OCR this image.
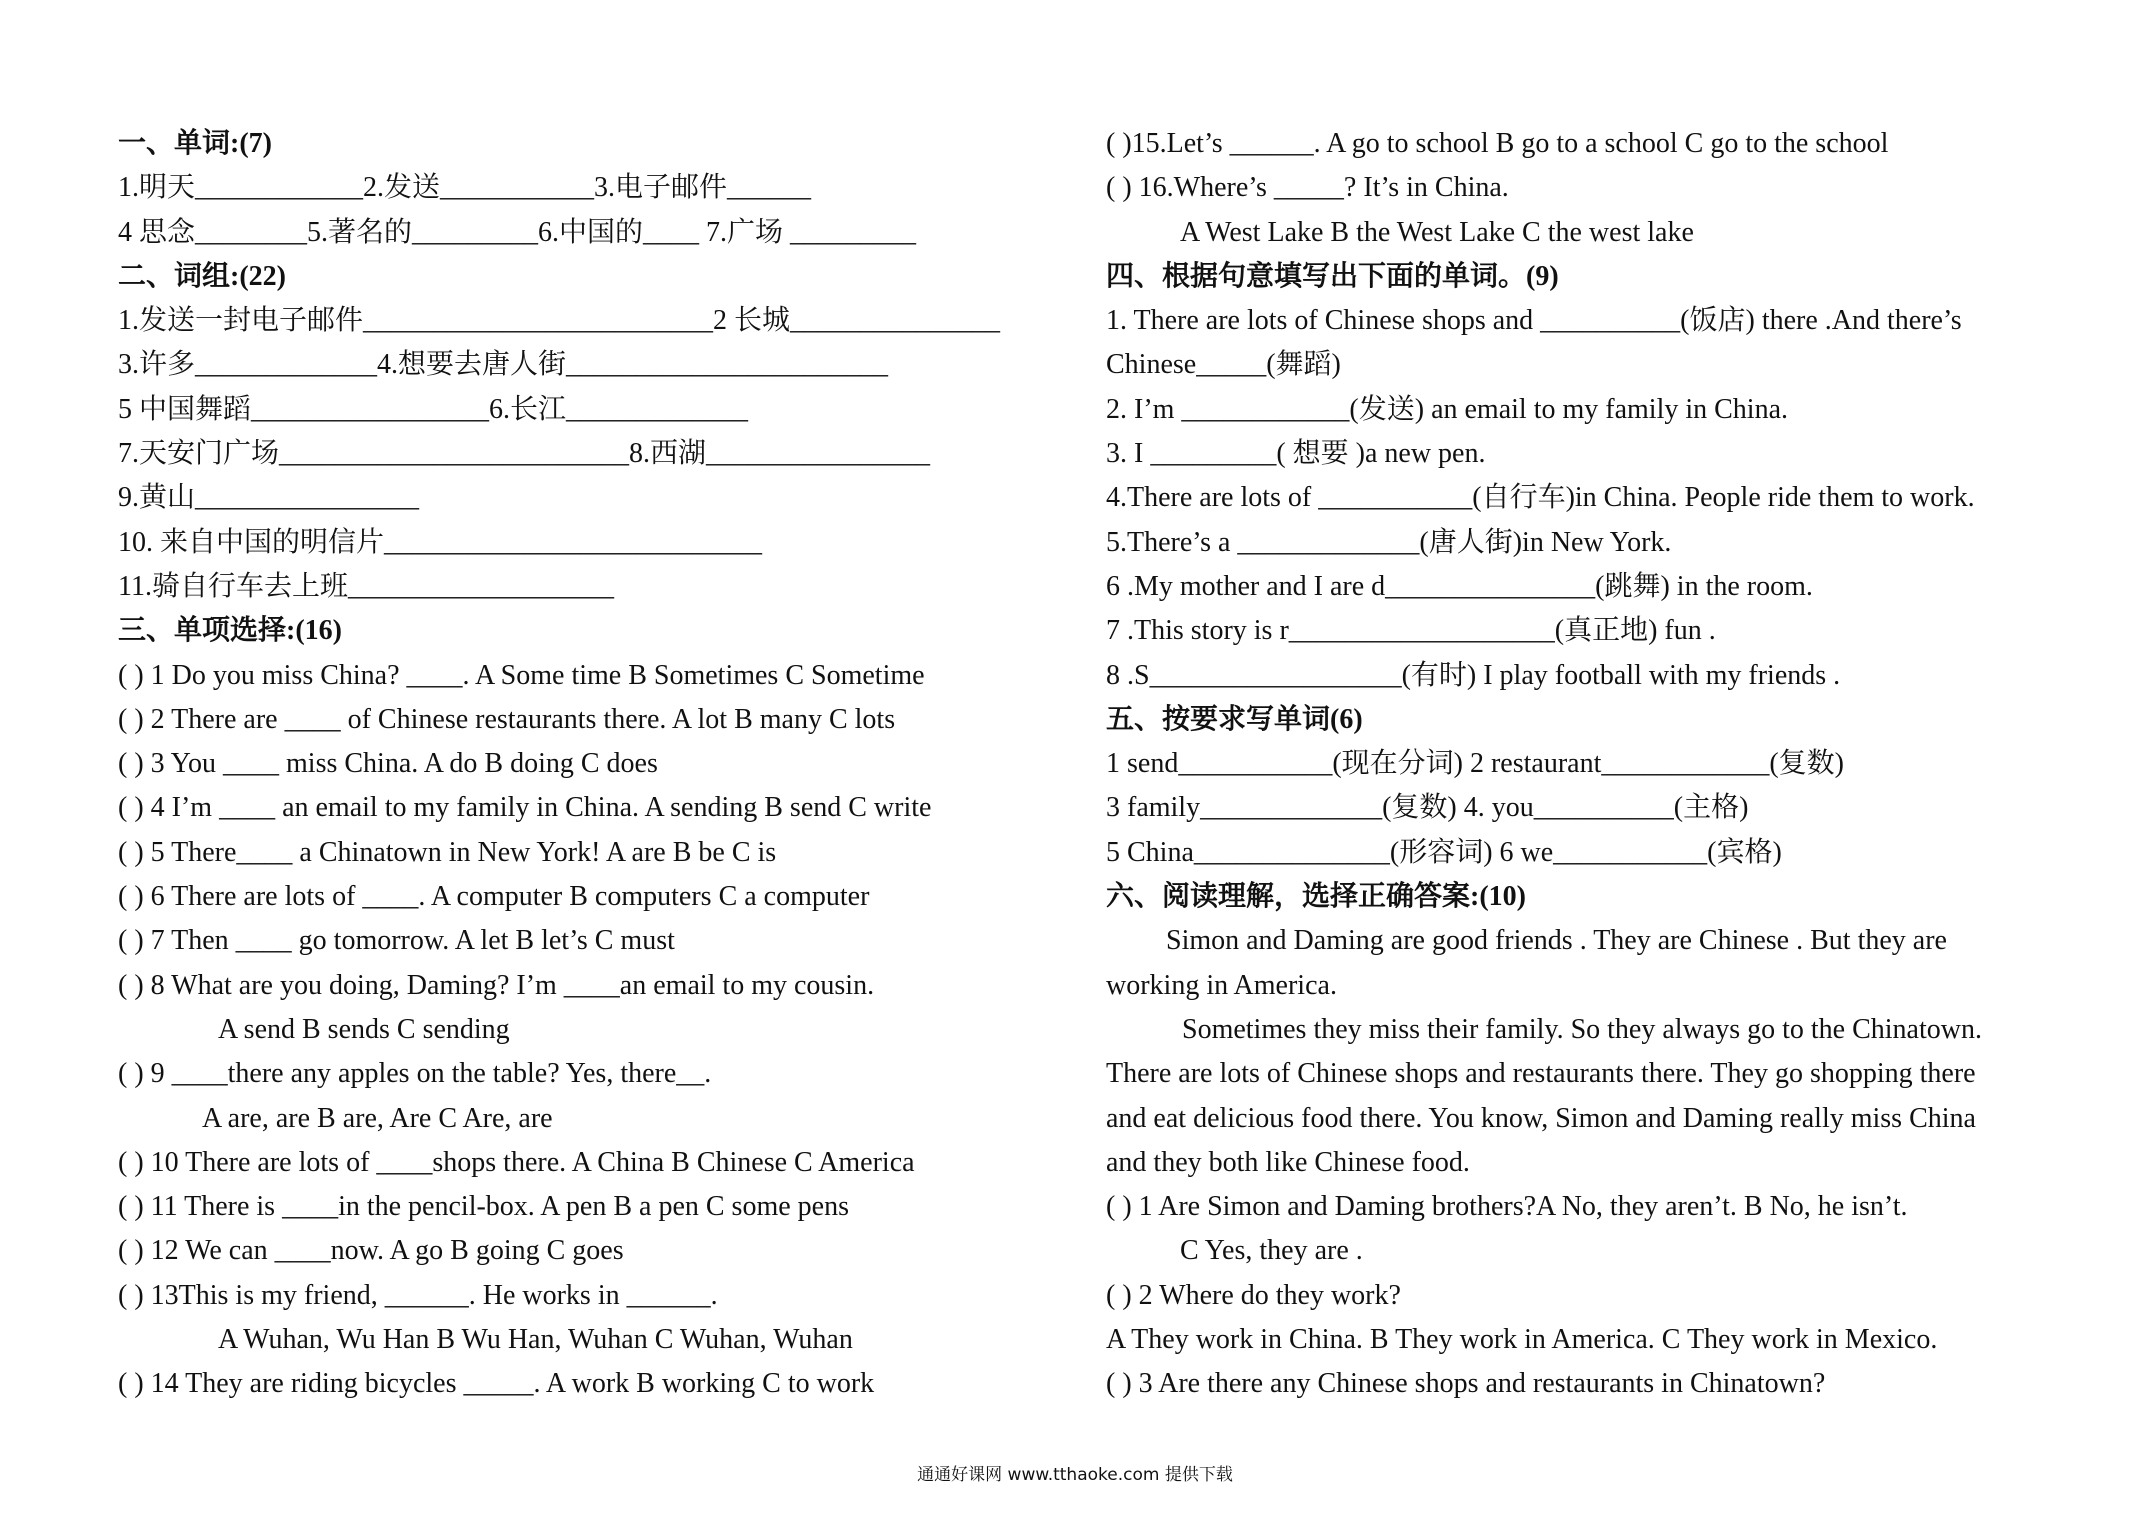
一、单词:(7)
1.明天____________2.发送___________3.电子邮件______
4 思念________5.著名的_________6.中国的____ 7.广场 _________
二、词组:(22)
1.发送一封电子邮件_________________________2 长城_______________
3.许多_____________4.想要去唐人街_______________________
5 中国舞蹈_________________6.长江_____________
7.天安门广场_________________________8.西湖________________
9.黄山________________
10. 来自中国的明信片___________________________
11.骑自行车去上班___________________
三、单项选择:(16)
( ) 1 Do you miss China? ____. A Some time B Sometimes C Sometime
( ) 2 There are ____ of Chinese restaurants there. A lot B many C lots
( ) 3 You ____ miss China. A do B doing C does
( ) 4 I’m ____ an email to my family in China. A sending B send C write
( ) 5 There____ a Chinatown in New York! A are B be C is
( ) 6 There are lots of ____. A computer B computers C a computer
( ) 7 Then ____ go tomorrow. A let B let’s C must
( ) 8 What are you doing, Daming? I’m ____an email to my cousin.
A send B sends C sending
( ) 9 ____there any apples on the table? Yes, there__.
A are, are B are, Are C Are, are
( ) 10 There are lots of ____shops there. A China B Chinese C America
( ) 11 There is ____in the pencil-box. A pen B a pen C some pens
( ) 12 We can ____now. A go B going C goes
( ) 13This is my friend, ______. He works in ______.
A Wuhan, Wu Han B Wu Han, Wuhan C Wuhan, Wuhan
( ) 14 They are riding bicycles _____. A work B working C to work
( )15.Let’s ______. A go to school B go to a school C go to the school
( ) 16.Where’s _____? It’s in China.
A West Lake B the West Lake C the west lake
四、根据句意填写出下面的单词。(9)
1. There are lots of Chinese shops and __________(饭店) there .And there’s
Chinese_____(舞蹈)
2. I’m ____________(发送) an email to my family in China.
3. I _________( 想要 )a new pen.
4.There are lots of ___________(自行车)in China. People ride them to work.
5.There’s a _____________(唐人街)in New York.
6 .My mother and I are d_______________(跳舞) in the room.
7 .This story is r___________________(真正地) fun .
8 .S__________________(有时) I play football with my friends .
五、按要求写单词(6)
1 send___________(现在分词) 2 restaurant____________(复数)
3 family_____________(复数) 4. you__________(主格)
5 China______________(形容词) 6 we___________(宾格)
六、阅读理解，选择正确答案:(10)
Simon and Daming are good friends . They are Chinese . But they are
working in America.
Sometimes they miss their family. So they always go to the Chinatown.
There are lots of Chinese shops and restaurants there. They go shopping there
and eat delicious food there. You know, Simon and Daming really miss China
and they both like Chinese food.
( ) 1 Are Simon and Daming brothers?A No, they aren’t. B No, he isn’t.
C Yes, they are .
( ) 2 Where do they work?
A They work in China. B They work in America. C They work in Mexico.
( ) 3 Are there any Chinese shops and restaurants in Chinatown?
通通好课网 www.tthaoke.com 提供下载
